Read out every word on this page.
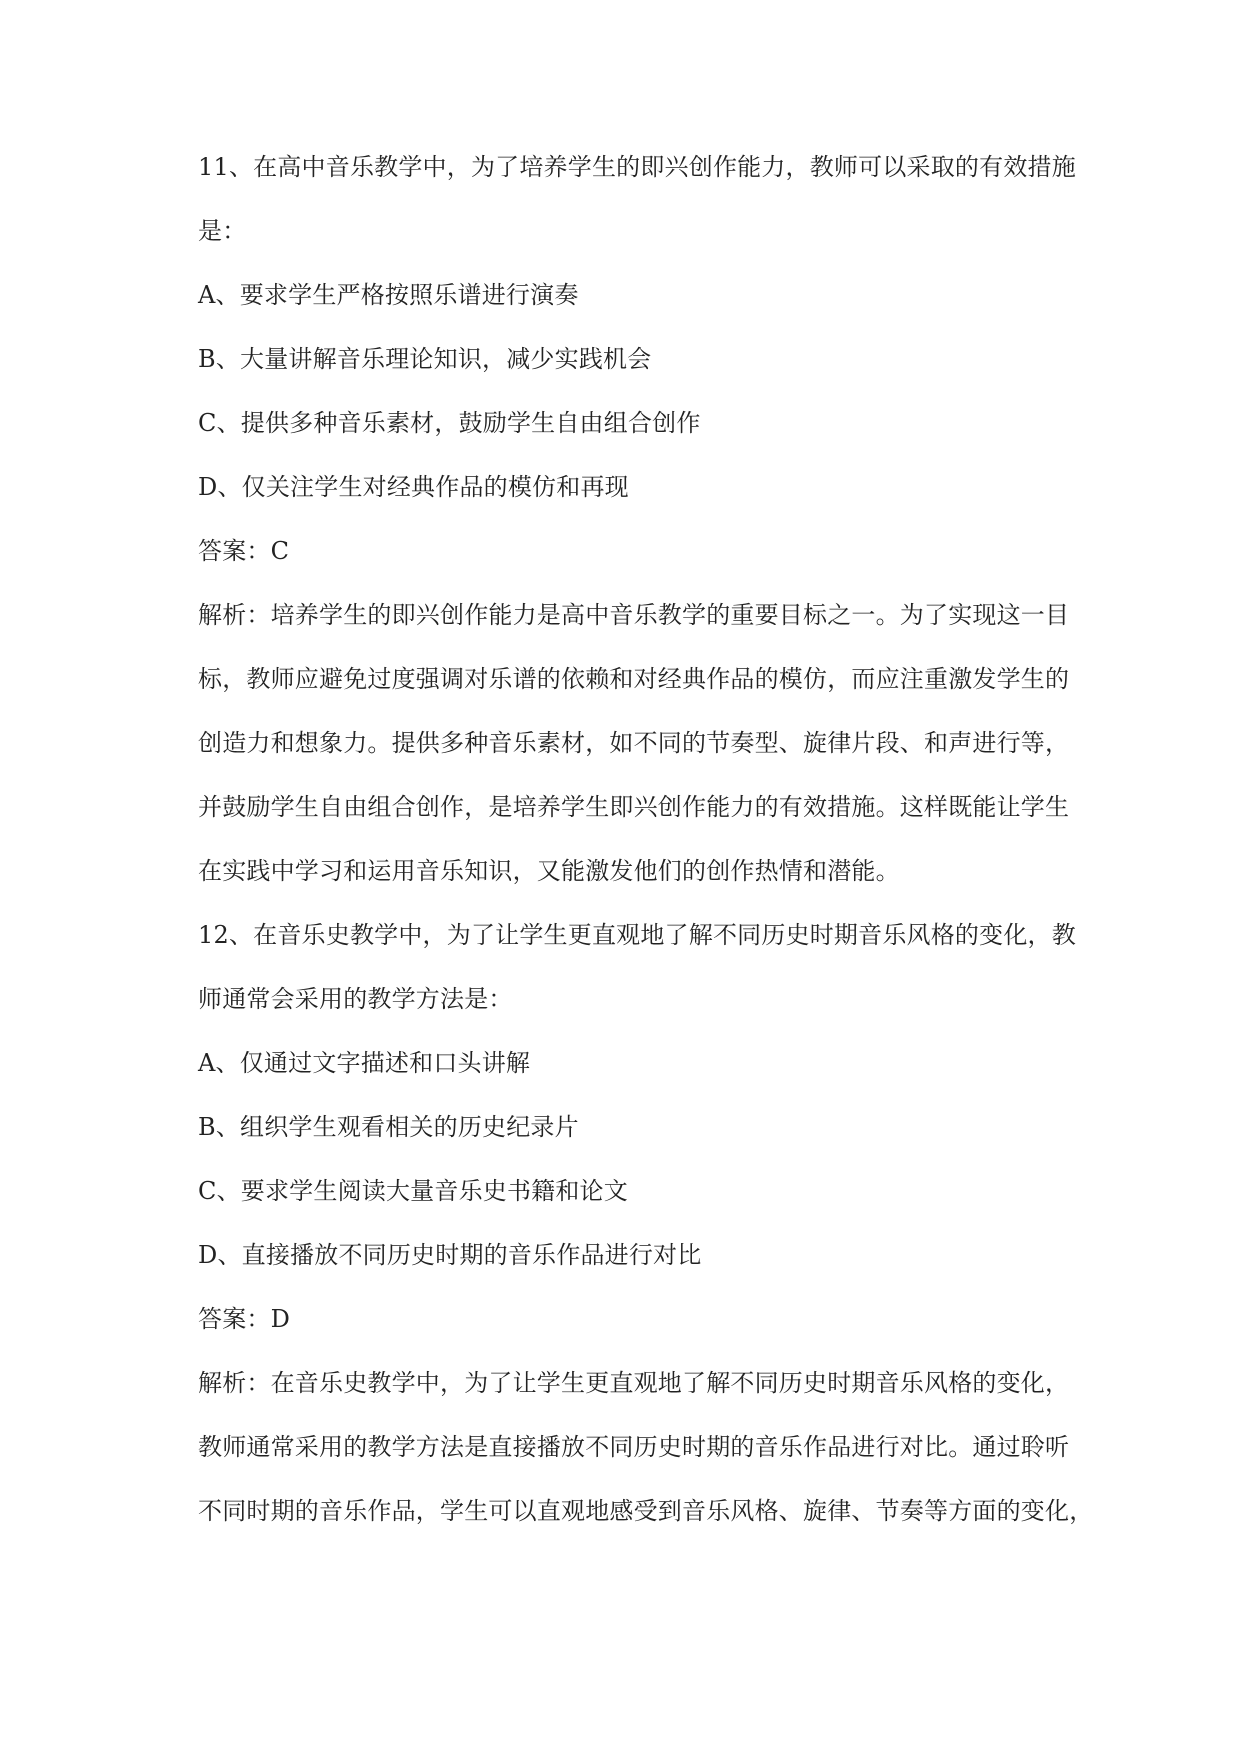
11、在高中音乐教学中，为了培养学生的即兴创作能力，教师可以采取的有效措施
是：
A、要求学生严格按照乐谱进行演奏
B、大量讲解音乐理论知识，减少实践机会
C、提供多种音乐素材，鼓励学生自由组合创作
D、仅关注学生对经典作品的模仿和再现
答案：C
解析：培养学生的即兴创作能力是高中音乐教学的重要目标之一。为了实现这一目
标，教师应避免过度强调对乐谱的依赖和对经典作品的模仿，而应注重激发学生的
创造力和想象力。提供多种音乐素材，如不同的节奏型、旋律片段、和声进行等，
并鼓励学生自由组合创作，是培养学生即兴创作能力的有效措施。这样既能让学生
在实践中学习和运用音乐知识，又能激发他们的创作热情和潜能。
12、在音乐史教学中，为了让学生更直观地了解不同历史时期音乐风格的变化，教
师通常会采用的教学方法是：
A、仅通过文字描述和口头讲解
B、组织学生观看相关的历史纪录片
C、要求学生阅读大量音乐史书籍和论文
D、直接播放不同历史时期的音乐作品进行对比
答案：D
解析：在音乐史教学中，为了让学生更直观地了解不同历史时期音乐风格的变化，
教师通常采用的教学方法是直接播放不同历史时期的音乐作品进行对比。通过聆听
不同时期的音乐作品，学生可以直观地感受到音乐风格、旋律、节奏等方面的变化，
